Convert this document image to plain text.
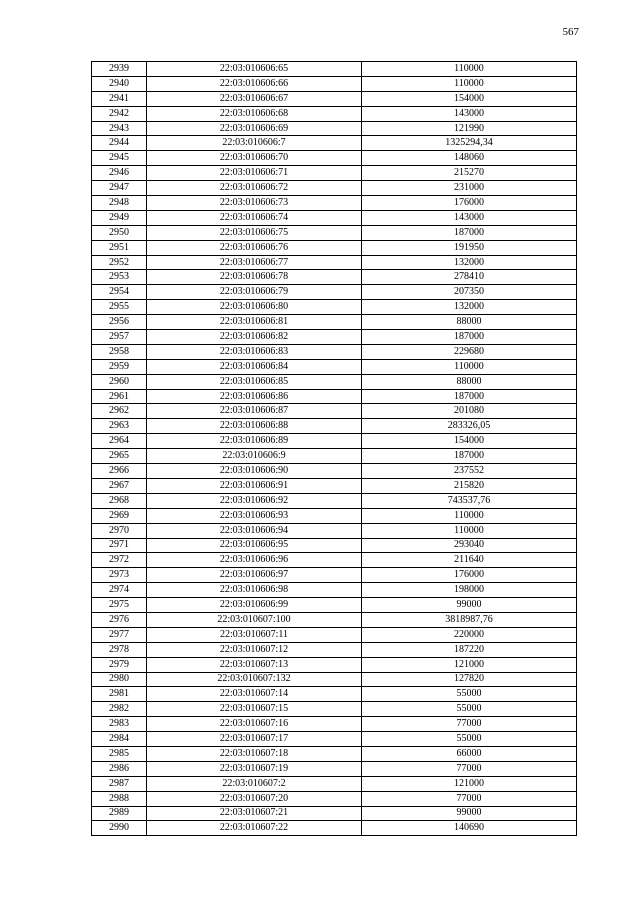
567
2939	22:03:010606:65	110000
2940	22:03:010606:66	110000
2941	22:03:010606:67	154000
2942	22:03:010606:68	143000
2943	22:03:010606:69	121990
2944	22:03:010606:7	1325294,34
2945	22:03:010606:70	148060
2946	22:03:010606:71	215270
2947	22:03:010606:72	231000
2948	22:03:010606:73	176000
2949	22:03:010606:74	143000
2950	22:03:010606:75	187000
2951	22:03:010606:76	191950
2952	22:03:010606:77	132000
2953	22:03:010606:78	278410
2954	22:03:010606:79	207350
2955	22:03:010606:80	132000
2956	22:03:010606:81	88000
2957	22:03:010606:82	187000
2958	22:03:010606:83	229680
2959	22:03:010606:84	110000
2960	22:03:010606:85	88000
2961	22:03:010606:86	187000
2962	22:03:010606:87	201080
2963	22:03:010606:88	283326,05
2964	22:03:010606:89	154000
2965	22:03:010606:9	187000
2966	22:03:010606:90	237552
2967	22:03:010606:91	215820
2968	22:03:010606:92	743537,76
2969	22:03:010606:93	110000
2970	22:03:010606:94	110000
2971	22:03:010606:95	293040
2972	22:03:010606:96	211640
2973	22:03:010606:97	176000
2974	22:03:010606:98	198000
2975	22:03:010606:99	99000
2976	22:03:010607:100	3818987,76
2977	22:03:010607:11	220000
2978	22:03:010607:12	187220
2979	22:03:010607:13	121000
2980	22:03:010607:132	127820
2981	22:03:010607:14	55000
2982	22:03:010607:15	55000
2983	22:03:010607:16	77000
2984	22:03:010607:17	55000
2985	22:03:010607:18	66000
2986	22:03:010607:19	77000
2987	22:03:010607:2	121000
2988	22:03:010607:20	77000
2989	22:03:010607:21	99000
2990	22:03:010607:22	140690
